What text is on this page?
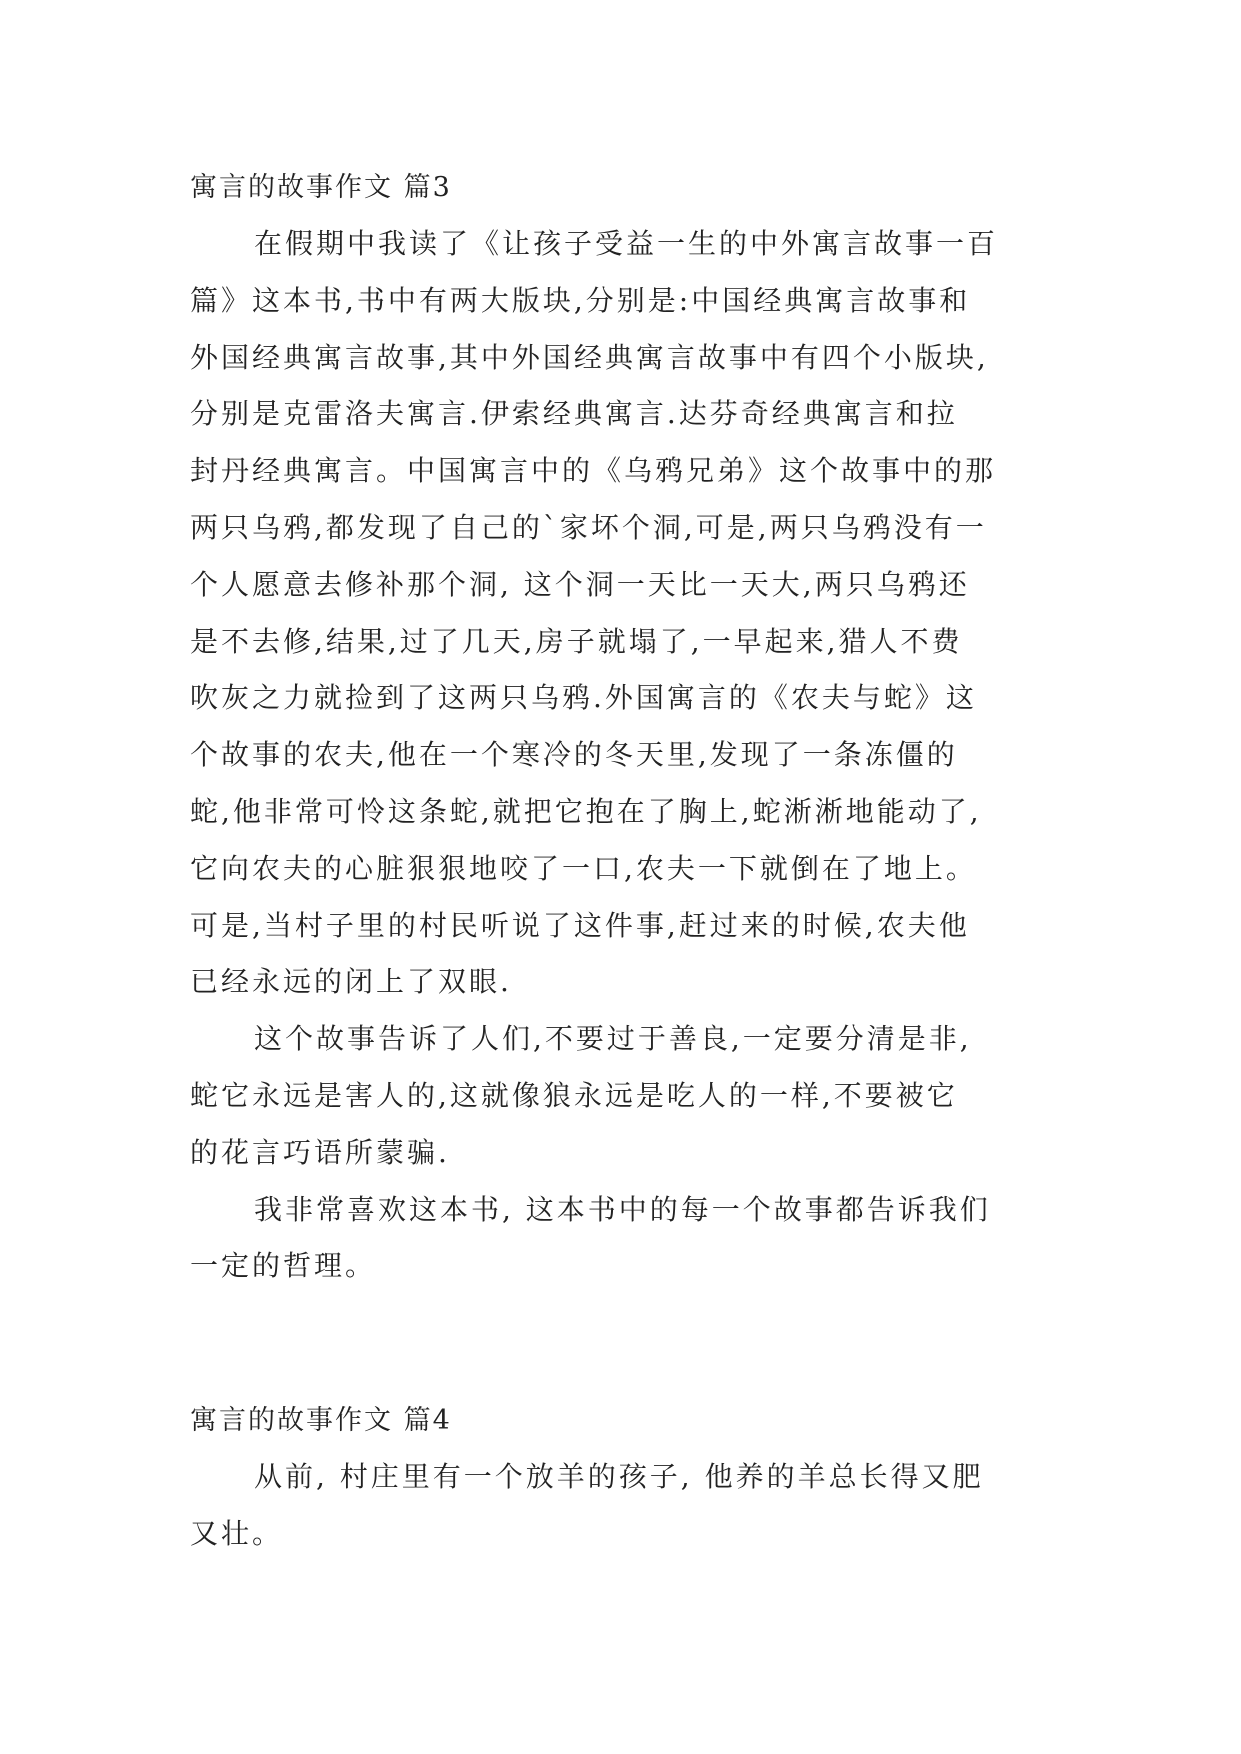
寓言的故事作文 篇3

在假期中我读了《让孩子受益一生的中外寓言故事一百
篇》这本书,书中有两大版块,分别是:中国经典寓言故事和
外国经典寓言故事,其中外国经典寓言故事中有四个小版块,
分别是克雷洛夫寓言.伊索经典寓言.达芬奇经典寓言和拉
封丹经典寓言。中国寓言中的《乌鸦兄弟》这个故事中的那
两只乌鸦,都发现了自己的`家坏个洞,可是,两只乌鸦没有一
个人愿意去修补那个洞, 这个洞一天比一天大,两只乌鸦还
是不去修,结果,过了几天,房子就塌了,一早起来,猎人不费
吹灰之力就捡到了这两只乌鸦.外国寓言的《农夫与蛇》这
个故事的农夫,他在一个寒冷的冬天里,发现了一条冻僵的
蛇,他非常可怜这条蛇,就把它抱在了胸上,蛇淅淅地能动了,
它向农夫的心脏狠狠地咬了一口,农夫一下就倒在了地上。
可是,当村子里的村民听说了这件事,赶过来的时候,农夫他
已经永远的闭上了双眼.

这个故事告诉了人们,不要过于善良,一定要分清是非,
蛇它永远是害人的,这就像狼永远是吃人的一样,不要被它
的花言巧语所蒙骗.

我非常喜欢这本书, 这本书中的每一个故事都告诉我们
一定的哲理。

寓言的故事作文 篇4

从前, 村庄里有一个放羊的孩子, 他养的羊总长得又肥
又壮。
